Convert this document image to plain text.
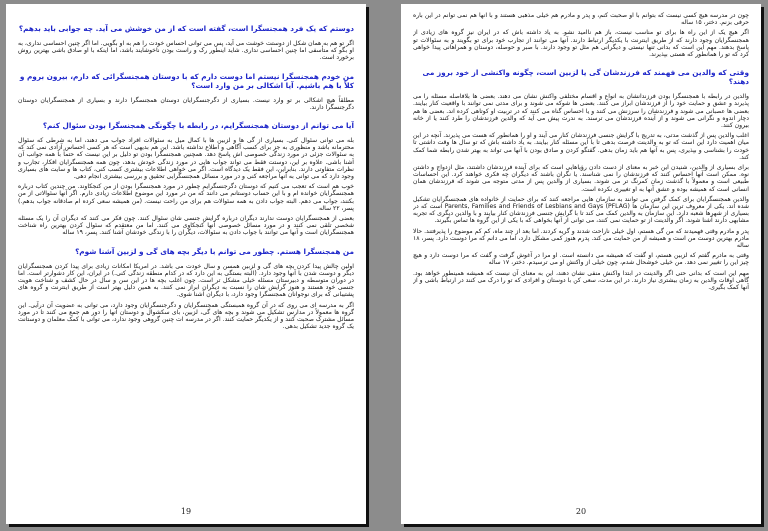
دوستم که یک فرد همجنسگرا است، گفته است که از من خوشش می آید. چه جوابی باید بدهم؟

اگر تو هم به همان شکل از دوستت خوشت می آید، پس می توانی احساس خودت را هم به او بگویی. اما اگر چنین احساسی نداری، به او بگو که متأسفی اما چنین احساسی نداری. شاید اینطور رک و راست بودن ناخوشایند باشد، اما اینکه با او صادق باشی بهترین روش برخورد است.

من خودم همجنسگرا نیستم اما دوست دارم که با دوستان همجنسگرائی که دارم، بیرون بروم و کلاً با هم باشیم. آیا اشکالی بر من وارد است؟

مطلقاً هیچ اشکالی بر تو وارد نیست. بسیاری از دگرجنسگرایان دوستان همجنسگرا دارند و بسیاری از همجنسگرایان دوستان دگرجنسگرا دارند.

آیا می توانم از دوستان همجنسگرایم، در رابطه با چگونگی همجنسگرا بودن سئوال کنم؟

بله می توانی سئوال کنی. بسیاری از گی ها و لزبین ها با کمال میل به سئوالات افراد جواب می دهند، اما به شرطی که سئوال محترمانه باشد و منظوری به جز برای کسب آگاهی و اطلاع نداشته باشد. این هم بدیهی است که هر کسی احساس آزادی نمی کند که به سئوالات جزئی در مورد زندگی خصوصی اش پاسخ دهد. همچنین همجنسگرا بودن تو دلیل بر این نیست که حتماً با همه جوانب آن آشنا باشی. علاوه بر این، دوستت فقط می تواند جواب هایی در مورد زندگی خودش بدهد، چون همه همجنسگرایان افکار، تجارب و نظرات متفاوتی دارند. بنابراین، این فقط یک دیدگاه است. اگر می خواهی اطلاعات بیشتری کسب کنی، کتاب ها و سایت های بسیاری وجود دارد که می توانی به آنها مراجعه کنی و در مورد مسائل همجنسگرایی تحقیق و بررسی بیشتری انجام دهی.

خوب هم است که تعجب می کنیم که دوستان دگرجنسگرایم چطور در مورد همجنسگرا بودن از من کنجکاوند. من چندین کتاب درباره همجنسگرایان خوانده ام و با این حساب دوستانم می دانند که من در مورد این موضوع اطلاعات زیادی دارم. اگر آنها سئوالاتی از من بکنند، جواب می دهم. البته جواب دادن به همه سئوالات هم برای من راحت نیست. (من همیشه سعی کرده ام صادقانه جواب بدهم.) پسر، ۲۲ ساله

بعضی از همجنسگرایان دوست ندارند دیگران درباره گرایش جنسی شان سئوال کنند. چون فکر می کنند که دیگران آن را یک مسئله شخصی تلقی نمی کنند و در مورد مسائل خصوصی آنها کنجکاوی می کنند. اما من معتقدم که سئوال کردن بهترین راه شناخت همجنسگرایان است و آنها می توانند با جواب دادن به سئوالات، دیگران را با زندگی خودشان آشنا کنند. پسر، ۱۹ ساله

من همجنسگرا هستم. چطور می توانم با دیگر بچه های گی و لزبین آشنا شوم؟

اولین چالش پیدا کردن بچه های گی و لزبین همسن و سال خودت می باشد. در امریکا امکانات زیادی برای پیدا کردن همجنسگرایان دیگر و دوست شدن با آنها وجود دارد. (البته بستگی به این دارد که در کدام منطقه زندگی کنی.) در ایران، این کار دشوارتر است. اما در دوران متوسطه و دبیرستان مسئله خیلی مشکل تر است. چون اغلب بچه ها در این سن و سال در حال کشف و شناخت هویت جنسی خود هستند و هنوز گرایش شان را نسبت به دیگران ابراز نمی کنند. به همین دلیل بهتر است از طریق اینترنت و گروه های پشتیبانی که برای نوجوانان همجنسگرا وجود دارد، با دیگران آشنا شوی.

اگر به مدرسه ای می روی که در آن گروه همبستگی همجنسگرایان و دگرجنسگرایان وجود دارد، می توانی به عضویت آن درآیی. این گروه ها معمولاً در مدارس تشکیل می شوند و بچه های گی، لزبین، بای سکشوال و دوستان آنها را دور هم جمع می کنند تا در مورد مسائل مشترک صحبت کنند و از یکدیگر حمایت کنند. اگر در مدرسه ات چنین گروهی وجود ندارد، می توانی با کمک معلمان و دوستانت یک گروه جدید تشکیل بدهی.

19

چون در مدرسه هیچ کسی نیست که بتوانم با او صحبت کنم، و پدر و مادرم هم خیلی مذهبی هستند و با آنها هم نمی توانم در این باره حرفی بزنم. دختر، ۱۵ ساله

اگر هیچ یک از این راه ها برای تو مناسب نیست، باز هم ناامید نشو. به یاد داشته باش که در ایران نیز گروه های زیادی از همجنسگرایان وجود دارند که از طریق اینترنت با یکدیگر ارتباط دارند. آنها می توانند از تجارب خود برای تو بگویند و به سئوالات تو پاسخ بدهند. مهم این است که بدانی تنها نیستی و دیگرانی هم مثل تو وجود دارند. با صبر و حوصله، دوستان و همراهانی پیدا خواهی کرد که تو را همانطور که هستی بپذیرند.

وقتی که والدین می فهمند که فرزندشان گی یا لزبین است، چگونه واکنشی از خود بروز می دهند؟

والدین در رابطه با همجنسگرا بودن فرزندانشان به انواع و اقسام مختلفی واکنش نشان می دهند. بعضی ها بلافاصله مسئله را می پذیرند و عشق و حمایت خود را از فرزندشان ابراز می کنند. بعضی ها شوکه می شوند و برای مدتی نمی توانند با واقعیت کنار بیایند. بعضی ها عصبانی می شوند و فرزندشان را سرزنش می کنند و یا احساس گناه می کنند که در تربیت او کوتاهی کرده اند. بعضی ها هم دچار اندوه و نگرانی می شوند و از آینده فرزندشان می ترسند. به ندرت پیش می آید که والدین فرزندشان را طرد کنند یا از خانه بیرون کنند.

اغلب والدین پس از گذشت مدتی، به تدریج با گرایش جنسی فرزندشان کنار می آیند و او را همانطور که هست می پذیرند. آنچه در این میان اهمیت دارد این است که تو به والدینت فرصت بدهی تا با این مسئله کنار بیایند. به یاد داشته باش که تو سال ها وقت داشتی تا خودت را بشناسی و بپذیری، پس به آنها هم باید زمان بدهی. گفتگو کردن و صادق بودن با آنها می تواند به بهتر شدن رابطه شما کمک کند.

برای بسیاری از والدین، شنیدن این خبر به معنای از دست دادن رؤیاهایی است که برای آینده فرزندشان داشتند، مثل ازدواج و داشتن نوه. ممکن است آنها احساس کنند که فرزندشان را نمی شناسند. یا نگران باشند که دیگران چه فکری خواهند کرد. این احساسات طبیعی است و معمولاً با گذشت زمان کمرنگ تر می شوند. بسیاری از والدین پس از مدتی متوجه می شوند که فرزندشان همان انسانی است که همیشه بوده و عشق آنها به او تغییری نکرده است.

والدین همجنسگرایان برای کمک گرفتن می توانند به سازمان هایی مراجعه کنند که برای حمایت از خانواده های همجنسگرایان تشکیل شده اند. یکی از معروف ترین این سازمان ها Parents, Families and Friends of Lesbians and Gays (PFLAG) است که در بسیاری از شهرها شعبه دارد. این سازمان به والدین کمک می کند تا با گرایش جنسی فرزندشان کنار بیایند و با والدین دیگری که تجربه مشابهی دارند آشنا شوند. اگر والدینت از تو حمایت نمی کنند، می توانی از آنها بخواهی که با یکی از این گروه ها تماس بگیرند.

پدر و مادرم وقتی فهمیدند که من گی هستم، اول خیلی ناراحت شدند و گریه کردند. اما بعد از چند ماه، کم کم موضوع را پذیرفتند. حالا مادرم بهترین دوست من است و همیشه از من حمایت می کند. پدرم هنوز کمی مشکل دارد، اما می دانم که مرا دوست دارد. پسر، ۱۸ ساله

وقتی به مادرم گفتم که لزبین هستم، او گفت که همیشه می دانسته است. او مرا در آغوش گرفت و گفت که مرا دوست دارد و هیچ چیز این را تغییر نمی دهد. من خیلی خوشحال شدم، چون خیلی از واکنش او می ترسیدم. دختر، ۱۷ ساله

مهم این است که بدانی حتی اگر والدینت در ابتدا واکنش منفی نشان دهند، این به معنای آن نیست که همیشه همینطور خواهد بود. گاهی اوقات والدین به زمان بیشتری نیاز دارند. در این مدت، سعی کن با دوستان و افرادی که تو را درک می کنند در ارتباط باشی و از آنها کمک بگیری.

20
